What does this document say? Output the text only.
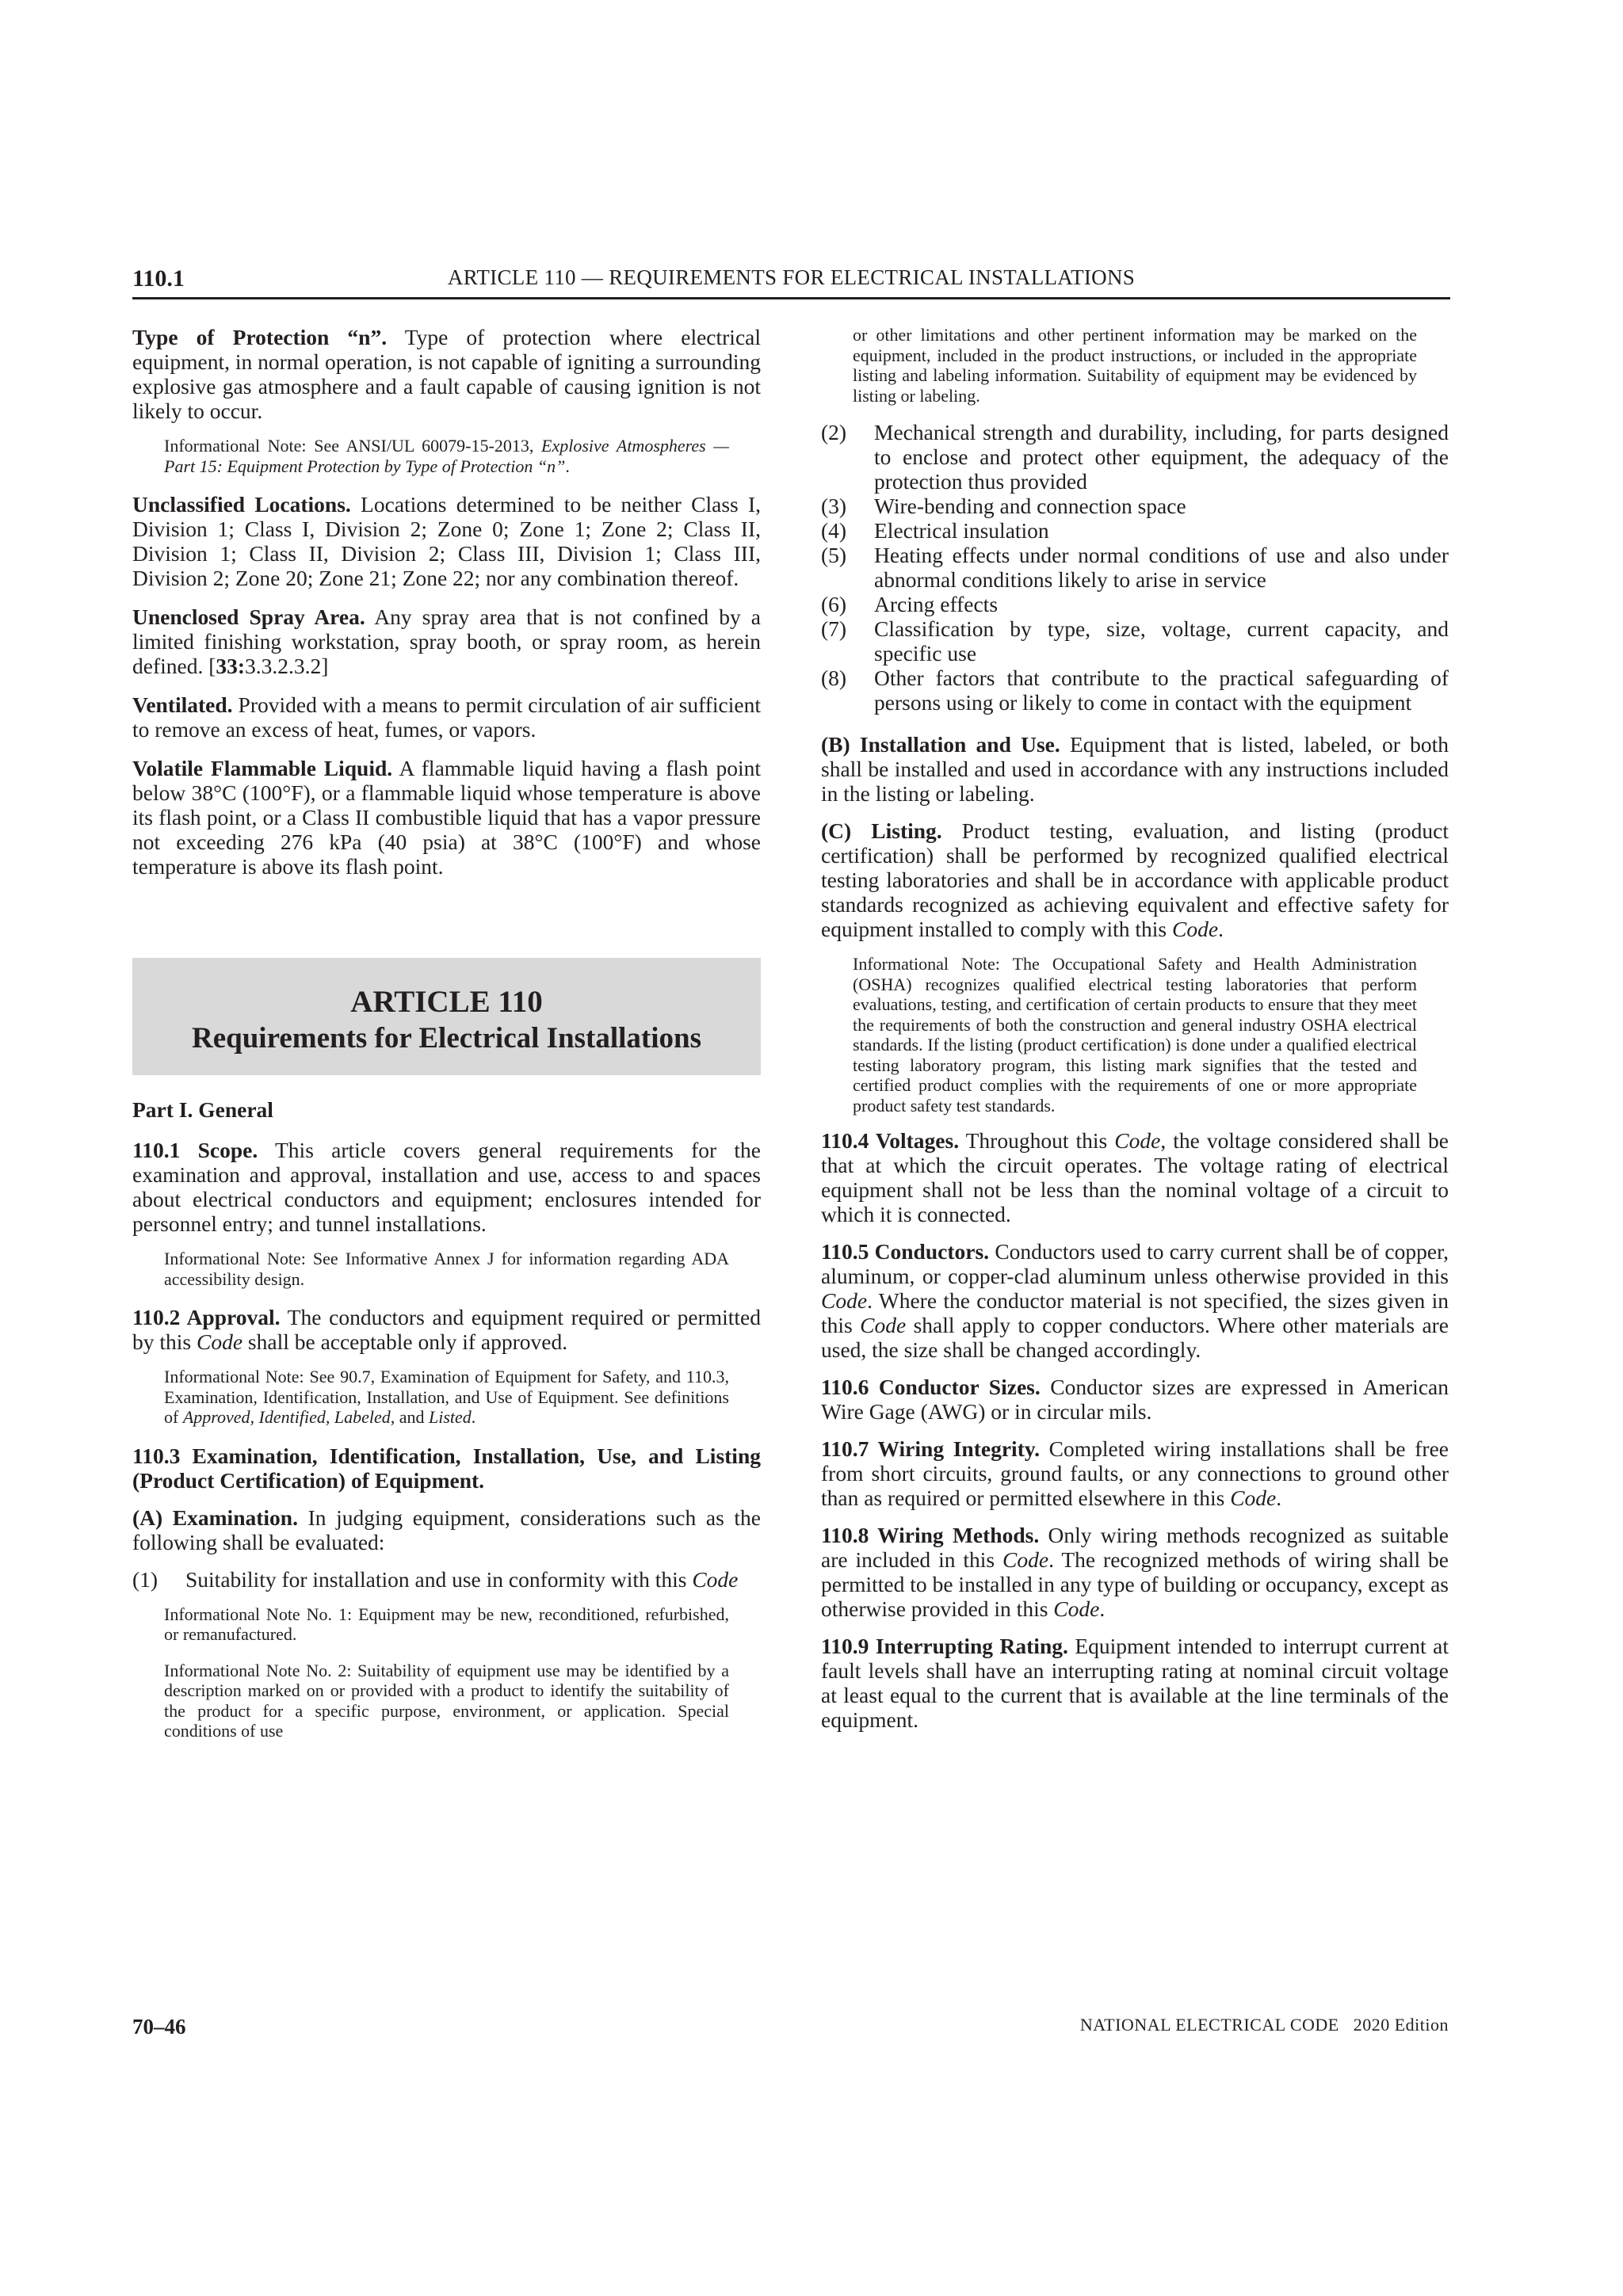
110.1	ARTICLE 110 — REQUIREMENTS FOR ELECTRICAL INSTALLATIONS

Type of Protection “n”. Type of protection where electrical equipment, in normal operation, is not capable of igniting a surrounding explosive gas atmosphere and a fault capable of causing ignition is not likely to occur.

Informational Note: See ANSI/UL 60079-15-2013, Explosive Atmospheres — Part 15: Equipment Protection by Type of Protection “n”.

Unclassified Locations. Locations determined to be neither Class I, Division 1; Class I, Division 2; Zone 0; Zone 1; Zone 2; Class II, Division 1; Class II, Division 2; Class III, Division 1; Class III, Division 2; Zone 20; Zone 21; Zone 22; nor any combination thereof.

Unenclosed Spray Area. Any spray area that is not confined by a limited finishing workstation, spray booth, or spray room, as herein defined. [33:3.3.2.3.2]

Ventilated. Provided with a means to permit circulation of air sufficient to remove an excess of heat, fumes, or vapors.

Volatile Flammable Liquid. A flammable liquid having a flash point below 38°C (100°F), or a flammable liquid whose temperature is above its flash point, or a Class II combustible liquid that has a vapor pressure not exceeding 276 kPa (40 psia) at 38°C (100°F) and whose temperature is above its flash point.

ARTICLE 110
Requirements for Electrical Installations
Part I. General

110.1 Scope. This article covers general requirements for the examination and approval, installation and use, access to and spaces about electrical conductors and equipment; enclosures intended for personnel entry; and tunnel installations.

Informational Note: See Informative Annex J for information regarding ADA accessibility design.

110.2 Approval. The conductors and equipment required or permitted by this Code shall be acceptable only if approved.

Informational Note: See 90.7, Examination of Equipment for Safety, and 110.3, Examination, Identification, Installation, and Use of Equipment. See definitions of Approved, Identified, Labeled, and Listed.

110.3 Examination, Identification, Installation, Use, and Listing (Product Certification) of Equipment.

(A) Examination. In judging equipment, considerations such as the following shall be evaluated:

(1)	Suitability for installation and use in conformity with this Code

Informational Note No. 1: Equipment may be new, reconditioned, refurbished, or remanufactured.

Informational Note No. 2: Suitability of equipment use may be identified by a description marked on or provided with a product to identify the suitability of the product for a specific purpose, environment, or application. Special conditions of use

or other limitations and other pertinent information may be marked on the equipment, included in the product instructions, or included in the appropriate listing and labeling information. Suitability of equipment may be evidenced by listing or labeling.

(2)	Mechanical strength and durability, including, for parts designed to enclose and protect other equipment, the adequacy of the protection thus provided
(3)	Wire-bending and connection space
(4)	Electrical insulation
(5)	Heating effects under normal conditions of use and also under abnormal conditions likely to arise in service
(6)	Arcing effects
(7)	Classification by type, size, voltage, current capacity, and specific use
(8)	Other factors that contribute to the practical safeguarding of persons using or likely to come in contact with the equipment

(B) Installation and Use. Equipment that is listed, labeled, or both shall be installed and used in accordance with any instructions included in the listing or labeling.

(C) Listing. Product testing, evaluation, and listing (product certification) shall be performed by recognized qualified electrical testing laboratories and shall be in accordance with applicable product standards recognized as achieving equivalent and effective safety for equipment installed to comply with this Code.

Informational Note: The Occupational Safety and Health Administration (OSHA) recognizes qualified electrical testing laboratories that perform evaluations, testing, and certification of certain products to ensure that they meet the requirements of both the construction and general industry OSHA electrical standards. If the listing (product certification) is done under a qualified electrical testing laboratory program, this listing mark signifies that the tested and certified product complies with the requirements of one or more appropriate product safety test standards.

110.4 Voltages. Throughout this Code, the voltage considered shall be that at which the circuit operates. The voltage rating of electrical equipment shall not be less than the nominal voltage of a circuit to which it is connected.

110.5 Conductors. Conductors used to carry current shall be of copper, aluminum, or copper-clad aluminum unless otherwise provided in this Code. Where the conductor material is not specified, the sizes given in this Code shall apply to copper conductors. Where other materials are used, the size shall be changed accordingly.

110.6 Conductor Sizes. Conductor sizes are expressed in American Wire Gage (AWG) or in circular mils.

110.7 Wiring Integrity. Completed wiring installations shall be free from short circuits, ground faults, or any connections to ground other than as required or permitted elsewhere in this Code.

110.8 Wiring Methods. Only wiring methods recognized as suitable are included in this Code. The recognized methods of wiring shall be permitted to be installed in any type of building or occupancy, except as otherwise provided in this Code.

110.9 Interrupting Rating. Equipment intended to interrupt current at fault levels shall have an interrupting rating at nominal circuit voltage at least equal to the current that is available at the line terminals of the equipment.

70–46	NATIONAL ELECTRICAL CODE   2020 Edition
